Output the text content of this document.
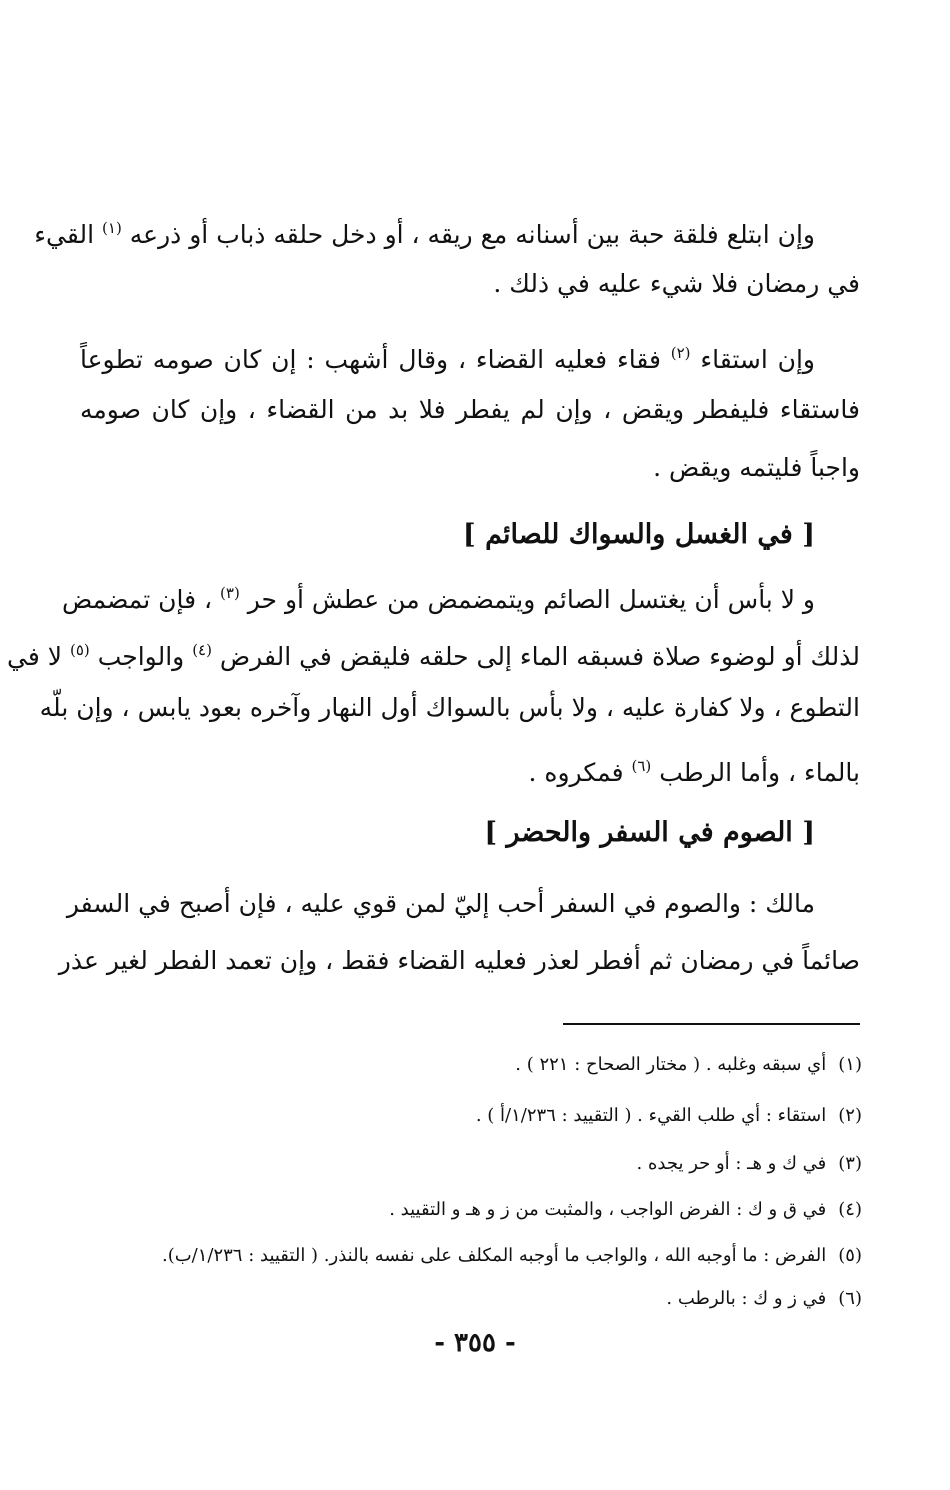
وإن ابتلع فلقة حبة بين أسنانه مع ريقه ، أو دخل حلقه ذباب أو ذرعه $^{(١)}$ القيء
في رمضان فلا شيء عليه في ذلك .
وإن استقاء $^{(٢)}$ فقاء فعليه القضاء ، وقال أشهب : إن كان صومه تطوعاً
فاستقاء فليفطر ويقض ، وإن لم يفطر فلا بد من القضاء ، وإن كان صومه
واجباً فليتمه ويقض .
[ في الغسل والسواك للصائم ]
و لا بأس أن يغتسل الصائم ويتمضمض من عطش أو حر $^{(٣)}$ ، فإن تمضمض
لذلك أو لوضوء صلاة فسبقه الماء إلى حلقه فليقض في الفرض $^{(٤)}$ والواجب $^{(٥)}$ لا في
التطوع ، ولا كفارة عليه ، ولا بأس بالسواك أول النهار وآخره بعود يابس ، وإن بلّه
بالماء ، وأما الرطب $^{(٦)}$ فمكروه .
[ الصوم في السفر والحضر ]
مالك : والصوم في السفر أحب إليّ لمن قوي عليه ، فإن أصبح في السفر
صائماً في رمضان ثم أفطر لعذر فعليه القضاء فقط ، وإن تعمد الفطر لغير عذر
(١) أي سبقه وغلبه . ( مختار الصحاح : ٢٢١ ) .
(٢) استقاء : أي طلب القيء . ( التقييد : ١/٢٣٦/أ ) .
(٣) في ك و هـ : أو حر يجده .
(٤) في ق و ك : الفرض الواجب ، والمثبت من ز و هـ و التقييد .
(٥) الفرض : ما أوجبه الله ، والواجب ما أوجبه المكلف على نفسه بالنذر. ( التقييد : ١/٢٣٦/ب).
(٦) في ز و ك : بالرطب .
- ٣٥٥ -
